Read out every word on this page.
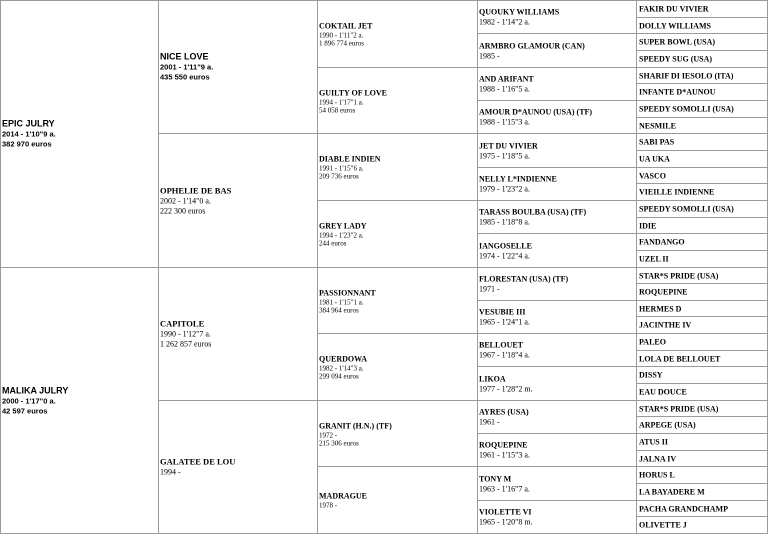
EPIC JULRY
2014 - 1'10"9 a.
382 970 euros
NICE LOVE
2001 - 1'11"9 a.
435 550 euros
COKTAIL JET
1990 - 1'11"2 a.
1 896 774 euros
QUOUKY WILLIAMS
1982 - 1'14"2 a.
FAKIR DU VIVIER
DOLLY WILLIAMS
ARMBRO GLAMOUR (CAN)
1985 -
SUPER BOWL (USA)
SPEEDY SUG (USA)
GUILTY OF LOVE
1994 - 1'17"1 a.
54 058 euros
AND ARIFANT
1988 - 1'16"5 a.
SHARIF DI IESOLO (ITA)
INFANTE D*AUNOU
AMOUR D*AUNOU (USA) (TF)
1988 - 1'15"3 a.
SPEEDY SOMOLLI (USA)
NESMILE
OPHELIE DE BAS
2002 - 1'14"0 a.
222 300 euros
DIABLE INDIEN
1991 - 1'15"6 a.
209 736 euros
JET DU VIVIER
1975 - 1'18"5 a.
SABI PAS
UA UKA
NELLY L*INDIENNE
1979 - 1'23"2 a.
VASCO
VIEILLE INDIENNE
GREY LADY
1994 - 1'23"2 a.
244 euros
TARASS BOULBA (USA) (TF)
1985 - 1'18"8 a.
SPEEDY SOMOLLI (USA)
IDIE
IANGOSELLE
1974 - 1'22"4 a.
FANDANGO
UZEL II
MALIKA JULRY
2000 - 1'17"0 a.
42 597 euros
CAPITOLE
1990 - 1'12"7 a.
1 262 857 euros
PASSIONNANT
1981 - 1'15"1 a.
384 964 euros
FLORESTAN (USA) (TF)
1971 -
STAR*S PRIDE (USA)
ROQUEPINE
VESUBIE III
1965 - 1'24"1 a.
HERMES D
JACINTHE IV
QUERDOWA
1982 - 1'14"3 a.
299 094 euros
BELLOUET
1967 - 1'18"4 a.
PALEO
LOLA DE BELLOUET
LIKOA
1977 - 1'28"2 m.
DISSY
EAU DOUCE
GALATEE DE LOU
1994 -
GRANIT (H.N.) (TF)
1972 -
215 306 euros
AYRES (USA)
1961 -
STAR*S PRIDE (USA)
ARPEGE (USA)
ROQUEPINE
1961 - 1'15"3 a.
ATUS II
JALNA IV
MADRAGUE
1978 -
TONY M
1963 - 1'16"7 a.
HORUS L
LA BAYADERE M
VIOLETTE VI
1965 - 1'20"8 m.
PACHA GRANDCHAMP
OLIVETTE J
